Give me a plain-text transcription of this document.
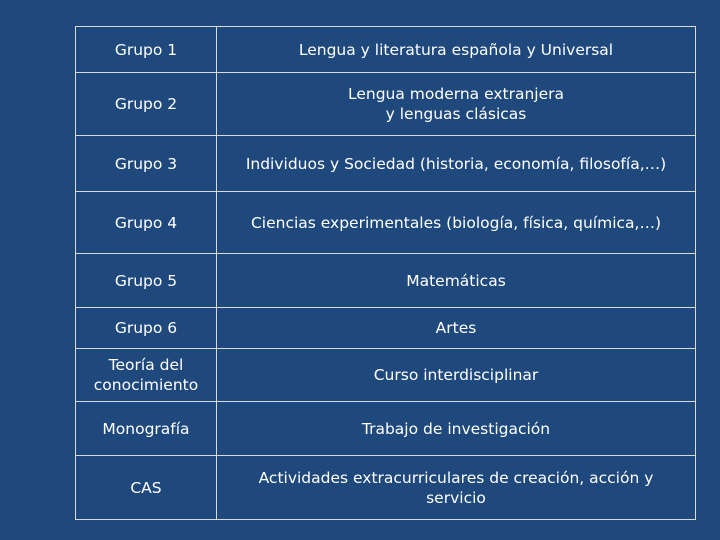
Grupo 1	Lengua y literatura española y Universal
Grupo 2	Lengua moderna extranjera
y lenguas clásicas
Grupo 3	Individuos y Sociedad (historia, economía, filosofía,…)
Grupo 4	Ciencias experimentales (biología, física, química,…)
Grupo 5	Matemáticas
Grupo 6	Artes
Teoría del
conocimiento	Curso interdisciplinar
Monografía	Trabajo de investigación
CAS	Actividades extracurriculares de creación, acción y
servicio
